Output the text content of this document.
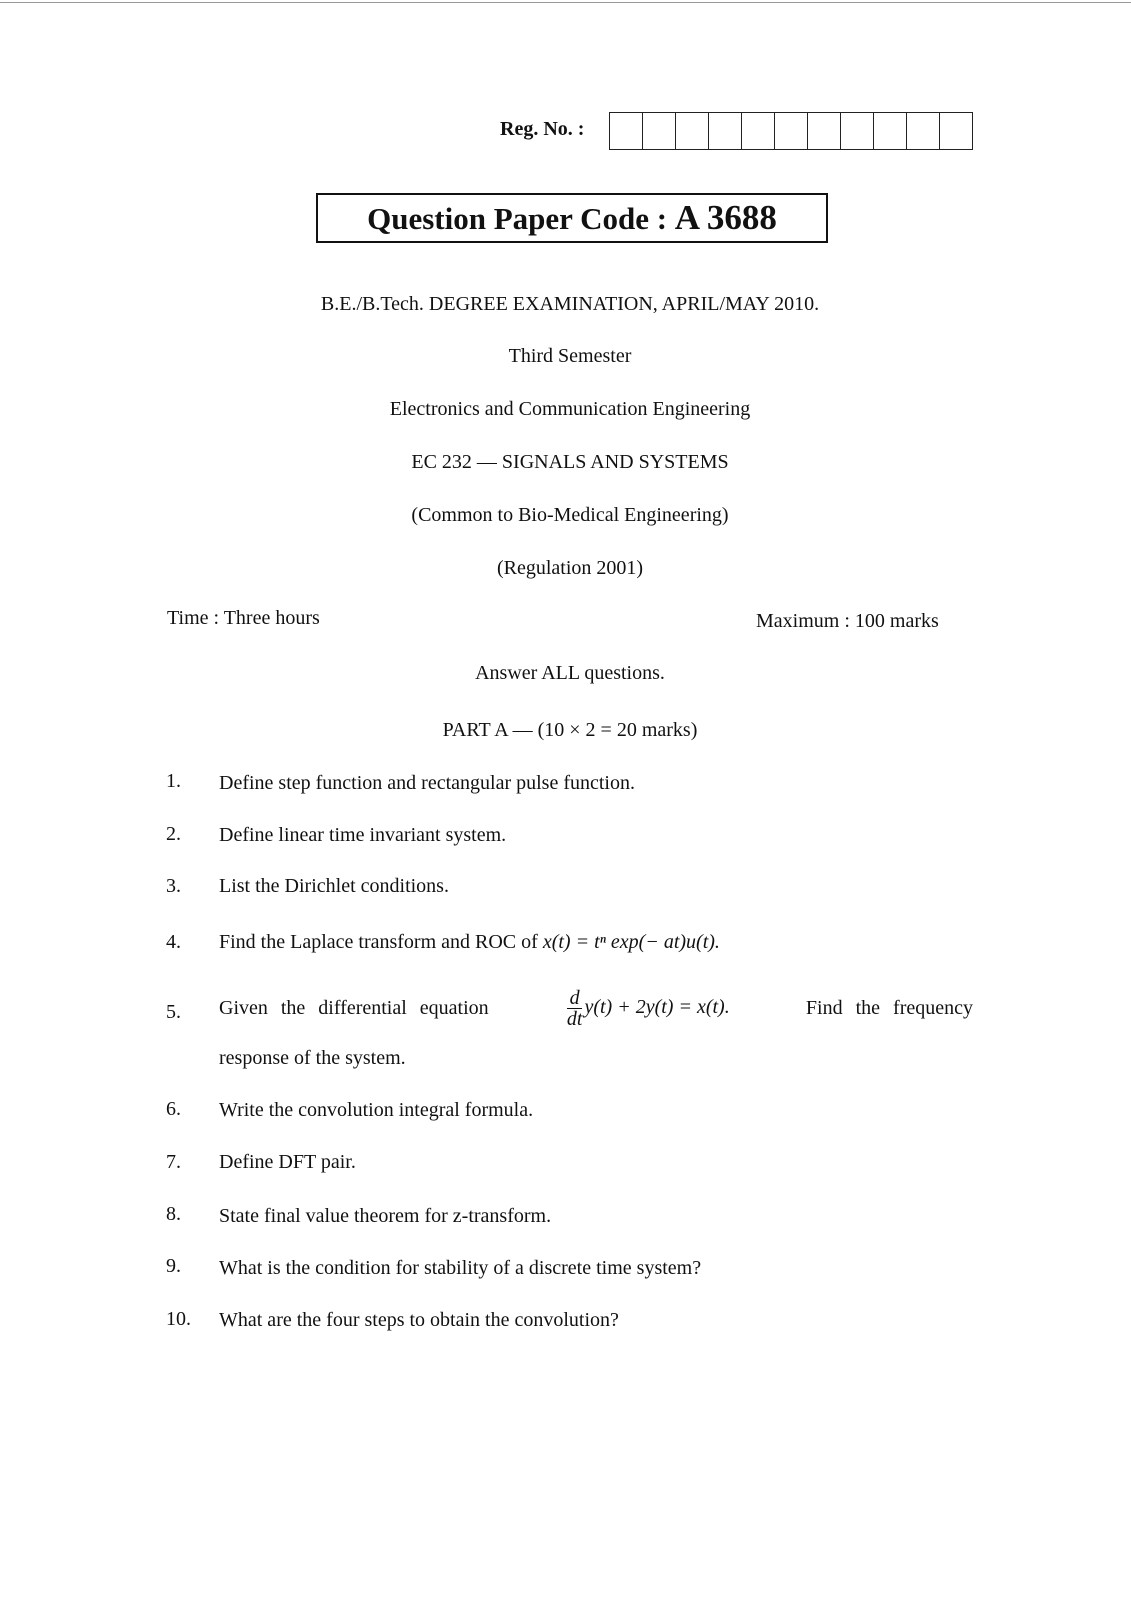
Reg. No. :
Question Paper Code : A 3688
B.E./B.Tech. DEGREE EXAMINATION, APRIL/MAY 2010.
Third Semester
Electronics and Communication Engineering
EC 232 — SIGNALS AND SYSTEMS
(Common to Bio-Medical Engineering)
(Regulation 2001)
Time : Three hours	Maximum : 100 marks
Answer ALL questions.
PART A — (10 × 2 = 20 marks)
1. Define step function and rectangular pulse function.
2. Define linear time invariant system.
3. List the Dirichlet conditions.
4. Find the Laplace transform and ROC of x(t) = tⁿ exp(− at)u(t).
5. Given the differential equation	$\frac{d}{dt} y(t) + 2y(t) = x(t)$.	Find the frequency
response of the system.
6. Write the convolution integral formula.
7. Define DFT pair.
8. State final value theorem for z-transform.
9. What is the condition for stability of a discrete time system?
10. What are the four steps to obtain the convolution?
